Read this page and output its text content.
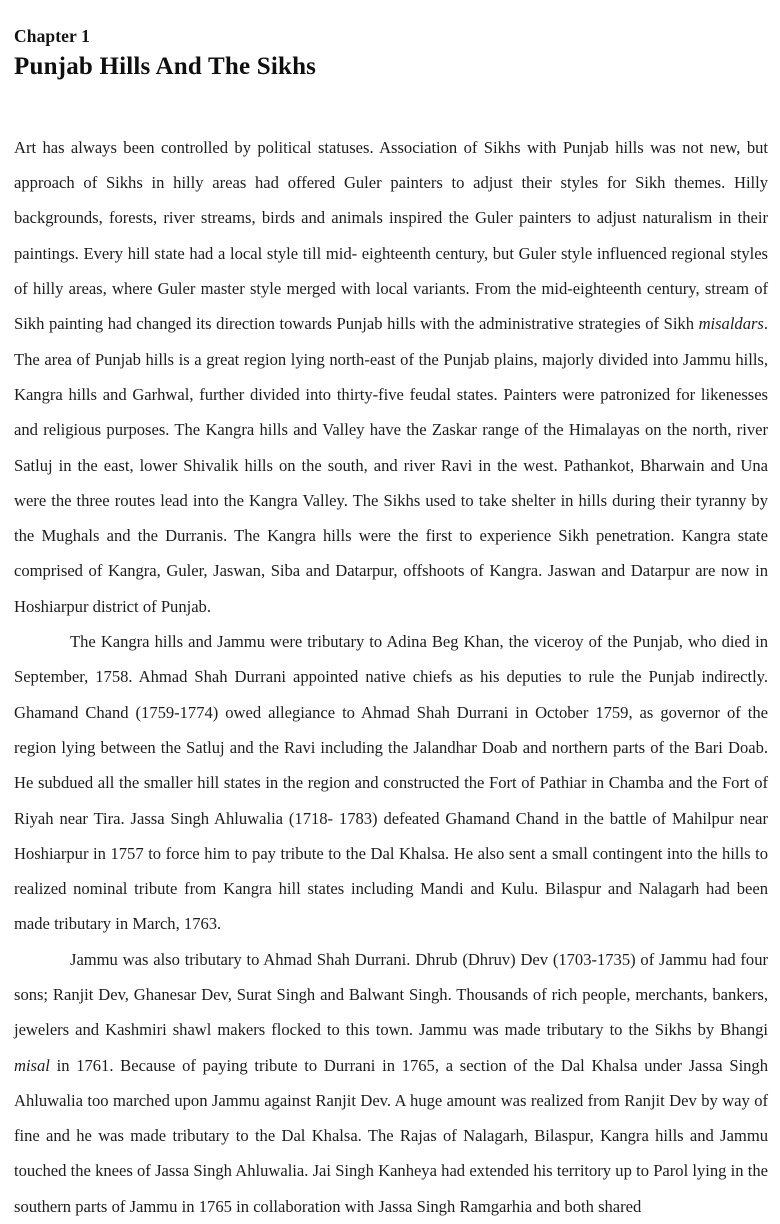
Chapter 1
Punjab Hills And The Sikhs

Art has always been controlled by political statuses. Association of Sikhs with Punjab hills was not new, but approach of Sikhs in hilly areas had offered Guler painters to adjust their styles for Sikh themes. Hilly backgrounds, forests, river streams, birds and animals inspired the Guler painters to adjust naturalism in their paintings. Every hill state had a local style till mid- eighteenth century, but Guler style influenced regional styles of hilly areas, where Guler master style merged with local variants. From the mid-eighteenth century, stream of Sikh painting had changed its direction towards Punjab hills with the administrative strategies of Sikh misaldars. The area of Punjab hills is a great region lying north-east of the Punjab plains, majorly divided into Jammu hills, Kangra hills and Garhwal, further divided into thirty-five feudal states. Painters were patronized for likenesses and religious purposes. The Kangra hills and Valley have the Zaskar range of the Himalayas on the north, river Satluj in the east, lower Shivalik hills on the south, and river Ravi in the west. Pathankot, Bharwain and Una were the three routes lead into the Kangra Valley. The Sikhs used to take shelter in hills during their tyranny by the Mughals and the Durranis. The Kangra hills were the first to experience Sikh penetration. Kangra state comprised of Kangra, Guler, Jaswan, Siba and Datarpur, offshoots of Kangra. Jaswan and Datarpur are now in Hoshiarpur district of Punjab.

The Kangra hills and Jammu were tributary to Adina Beg Khan, the viceroy of the Punjab, who died in September, 1758. Ahmad Shah Durrani appointed native chiefs as his deputies to rule the Punjab indirectly. Ghamand Chand (1759-1774) owed allegiance to Ahmad Shah Durrani in October 1759, as governor of the region lying between the Satluj and the Ravi including the Jalandhar Doab and northern parts of the Bari Doab. He subdued all the smaller hill states in the region and constructed the Fort of Pathiar in Chamba and the Fort of Riyah near Tira. Jassa Singh Ahluwalia (1718- 1783) defeated Ghamand Chand in the battle of Mahilpur near Hoshiarpur in 1757 to force him to pay tribute to the Dal Khalsa. He also sent a small contingent into the hills to realized nominal tribute from Kangra hill states including Mandi and Kulu. Bilaspur and Nalagarh had been made tributary in March, 1763.

Jammu was also tributary to Ahmad Shah Durrani. Dhrub (Dhruv) Dev (1703-1735) of Jammu had four sons; Ranjit Dev, Ghanesar Dev, Surat Singh and Balwant Singh. Thousands of rich people, merchants, bankers, jewelers and Kashmiri shawl makers flocked to this town. Jammu was made tributary to the Sikhs by Bhangi misal in 1761. Because of paying tribute to Durrani in 1765, a section of the Dal Khalsa under Jassa Singh Ahluwalia too marched upon Jammu against Ranjit Dev. A huge amount was realized from Ranjit Dev by way of fine and he was made tributary to the Dal Khalsa. The Rajas of Nalagarh, Bilaspur, Kangra hills and Jammu touched the knees of Jassa Singh Ahluwalia. Jai Singh Kanheya had extended his territory up to Parol lying in the southern parts of Jammu in 1765 in collaboration with Jassa Singh Ramgarhia and both shared
